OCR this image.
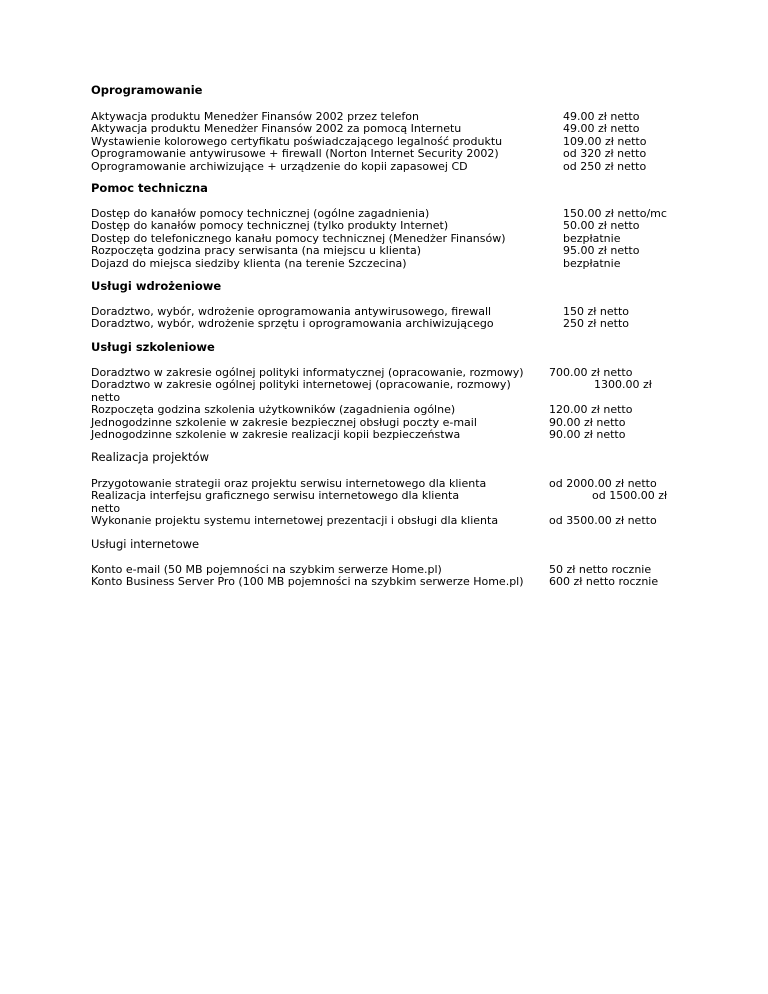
Oprogramowanie
Aktywacja produktu Menedżer Finansów 2002 przez telefon	49.00 zł netto
Aktywacja produktu Menedżer Finansów 2002 za pomocą Internetu	49.00 zł netto
Wystawienie kolorowego certyfikatu poświadczającego legalność produktu	109.00 zł netto
Oprogramowanie antywirusowe + firewall (Norton Internet Security 2002)	od 320 zł netto
Oprogramowanie archiwizujące + urządzenie do kopii zapasowej CD	od 250 zł netto
Pomoc techniczna
Dostęp do kanałów pomocy technicznej (ogólne zagadnienia)	150.00 zł netto/mc
Dostęp do kanałów pomocy technicznej (tylko produkty Internet)	50.00 zł netto
Dostęp do telefonicznego kanału pomocy technicznej (Menedżer Finansów)	bezpłatnie
Rozpoczęta godzina pracy serwisanta (na miejscu u klienta)	95.00 zł netto
Dojazd do miejsca siedziby klienta (na terenie Szczecina)	bezpłatnie
Usługi wdrożeniowe
Doradztwo, wybór, wdrożenie oprogramowania antywirusowego, firewall	150 zł netto
Doradztwo, wybór, wdrożenie sprzętu i oprogramowania archiwizującego	250 zł netto
Usługi szkoleniowe
Doradztwo w zakresie ogólnej polityki informatycznej (opracowanie, rozmowy) 700.00 zł netto
Doradztwo w zakresie ogólnej polityki internetowej (opracowanie, rozmowy)	1300.00 zł
netto
Rozpoczęta godzina szkolenia użytkowników (zagadnienia ogólne)	120.00 zł netto
Jednogodzinne szkolenie w zakresie bezpiecznej obsługi poczty e-mail	90.00 zł netto
Jednogodzinne szkolenie w zakresie realizacji kopii bezpieczeństwa	90.00 zł netto
Realizacja projektów
Przygotowanie strategii oraz projektu serwisu internetowego dla klienta	od 2000.00 zł netto
Realizacja interfejsu graficznego serwisu internetowego dla klienta	od 1500.00 zł
netto
Wykonanie projektu systemu internetowej prezentacji i obsługi dla klienta	od 3500.00 zł netto
Usługi internetowe
Konto e-mail (50 MB pojemności na szybkim serwerze Home.pl)	50 zł netto rocznie
Konto Business Server Pro (100 MB pojemności na szybkim serwerze Home.pl) 600 zł netto rocznie
